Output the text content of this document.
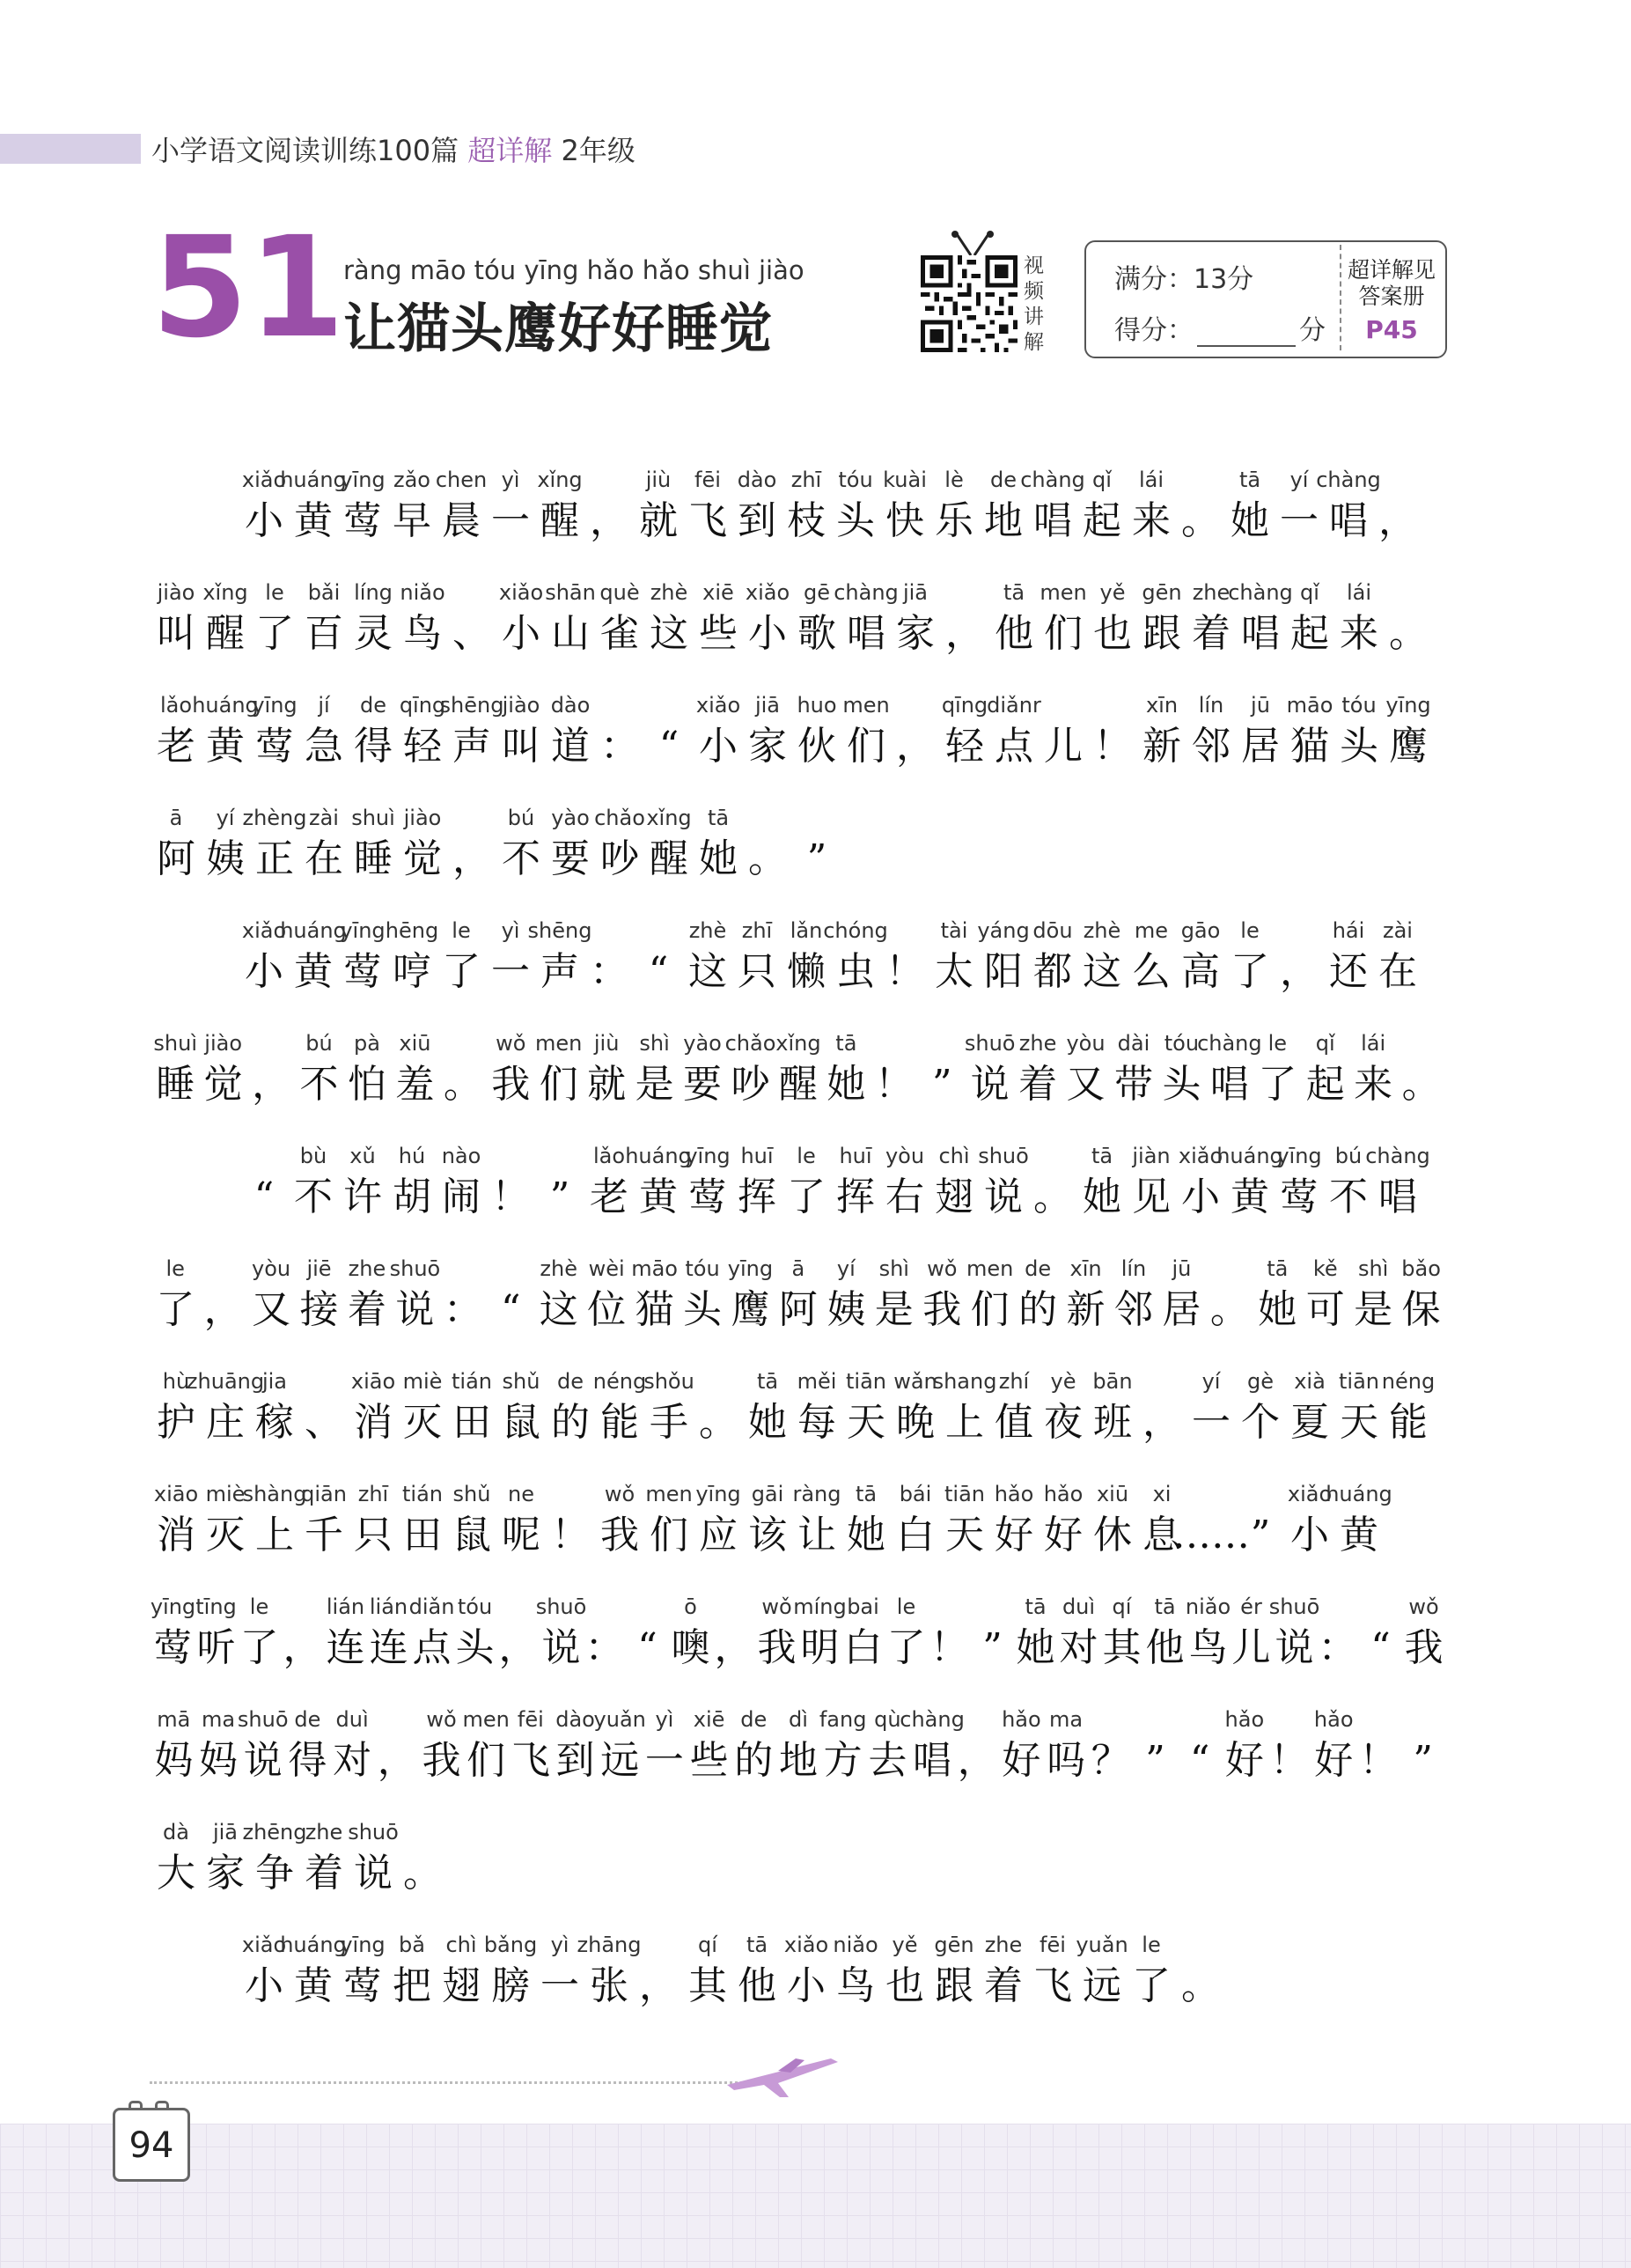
小学语文阅读训练100篇 超详解 2年级
51
ràng māo tóu yīng hǎo hǎo shuì jiào
让猫头鹰好好睡觉
视
频
讲
解
满分：13分
得分：	分
超详解见
答案册
P45
xiǎo
小
huáng
黄
yīng
莺
zǎo
早
chen
晨
yì
一
xǐng
醒 ，
jiù
就
fēi
飞
dào
到
zhī
枝
tóu
头
kuài
快
lè
乐
de
地
chàng
唱
qǐ
起
lái
来 。
tā
她
yí
一
chàng
唱 ，
jiào
叫
xǐng
醒
le
了
bǎi
百
líng
灵
niǎo
鸟 、
xiǎo
小
shān
山
què
雀
zhè
这
xiē
些
xiǎo
小
gē
歌
chàng
唱
jiā
家 ，
tā
他
men
们
yě
也
gēn
跟
zhe
着
chàng
唱
qǐ
起
lái
来 。
lǎo
老
huáng
黄
yīng
莺
jí
急
de
得
qīng
轻
shēng
声
jiào
叫
dào
道 ： “
xiǎo
小
jiā
家
huo
伙
men
们 ，
qīng
轻
diǎnr
点 儿 ！
xīn
新
lín
邻
jū
居
māo
猫
tóu
头
yīng
鹰
ā
阿
yí
姨
zhèng
正
zài
在
shuì
睡
jiào
觉 ，
bú
不
yào
要
chǎo
吵
xǐng
醒
tā
她 。 ”
xiǎo
小
huáng
黄
yīng
莺
hēng
哼
le
了
yì
一
shēng
声 ： “
zhè
这
zhī
只
lǎn
懒
chóng
虫 ！
tài
太
yáng
阳
dōu
都
zhè
这
me
么
gāo
高
le
了 ，
hái
还
zài
在
shuì
睡
jiào
觉 ，
bú
不
pà
怕
xiū
羞 。
wǒ
我
men
们
jiù
就
shì
是
yào
要
chǎo
吵
xǐng
醒
tā
她 ！ ”
shuō
说
zhe
着
yòu
又
dài
带
tóu
头
chàng
唱
le
了
qǐ
起
lái
来 。
“
bù
不
xǔ
许
hú
胡
nào
闹 ！ ”
lǎo
老
huáng
黄
yīng
莺
huī
挥
le
了
huī
挥
yòu
右
chì
翅
shuō
说 。
tā
她
jiàn
见
xiǎo
小
huáng
黄
yīng
莺
bú
不
chàng
唱
le
了 ，
yòu
又
jiē
接
zhe
着
shuō
说 ： “
zhè
这
wèi
位
māo
猫
tóu
头
yīng
鹰
ā
阿
yí
姨
shì
是
wǒ
我
men
们
de
的
xīn
新
lín
邻
jū
居 。
tā
她
kě
可
shì
是
bǎo
保
hù
护
zhuāng
庄
jia
稼 、
xiāo
消
miè
灭
tián
田
shǔ
鼠
de
的
néng
能
shǒu
手 。
tā
她
měi
每
tiān
天
wǎn
晚
shang
上
zhí
值
yè
夜
bān
班 ，
yí
一
gè
个
xià
夏
tiān
天
néng
能
xiāo
消
miè
灭
shàng
上
qiān
千
zhī
只
tián
田
shǔ
鼠
ne
呢 ！
wǒ
我
men
们
yīng
应
gāi
该
ràng
让
tā
她
bái
白
tiān
天
hǎo
好
hǎo
好
xiū
休
xi
息
…… ”
xiǎo
小
huáng
黄
yīng
莺
tīng
听
le
了 ，
lián
连
lián
连
diǎn
点
tóu
头 ，
shuō
说 ： “
ō
噢 ，
wǒ
我
míng
明
bai
白
le
了 ！ ”
tā
她
duì
对
qí
其
tā
他
niǎo
鸟
ér
儿
shuō
说 ： “
wǒ
我
mā
妈
ma
妈
shuō
说
de
得
duì
对 ，
wǒ
我
men
们
fēi
飞
dào
到
yuǎn
远
yì
一
xiē
些
de
的
dì
地
fang
方
qù
去
chàng
唱 ，
hǎo
好
ma
吗 ？ ” “
hǎo
好 ！
hǎo
好 ！ ”
dà
大
jiā
家
zhēng
争
zhe
着
shuō
说 。
xiǎo
小
huáng
黄
yīng
莺
bǎ
把
chì
翅
bǎng
膀
yì
一
zhāng
张 ，
qí
其
tā
他
xiǎo
小
niǎo
鸟
yě
也
gēn
跟
zhe
着
fēi
飞
yuǎn
远
le
了 。
94
